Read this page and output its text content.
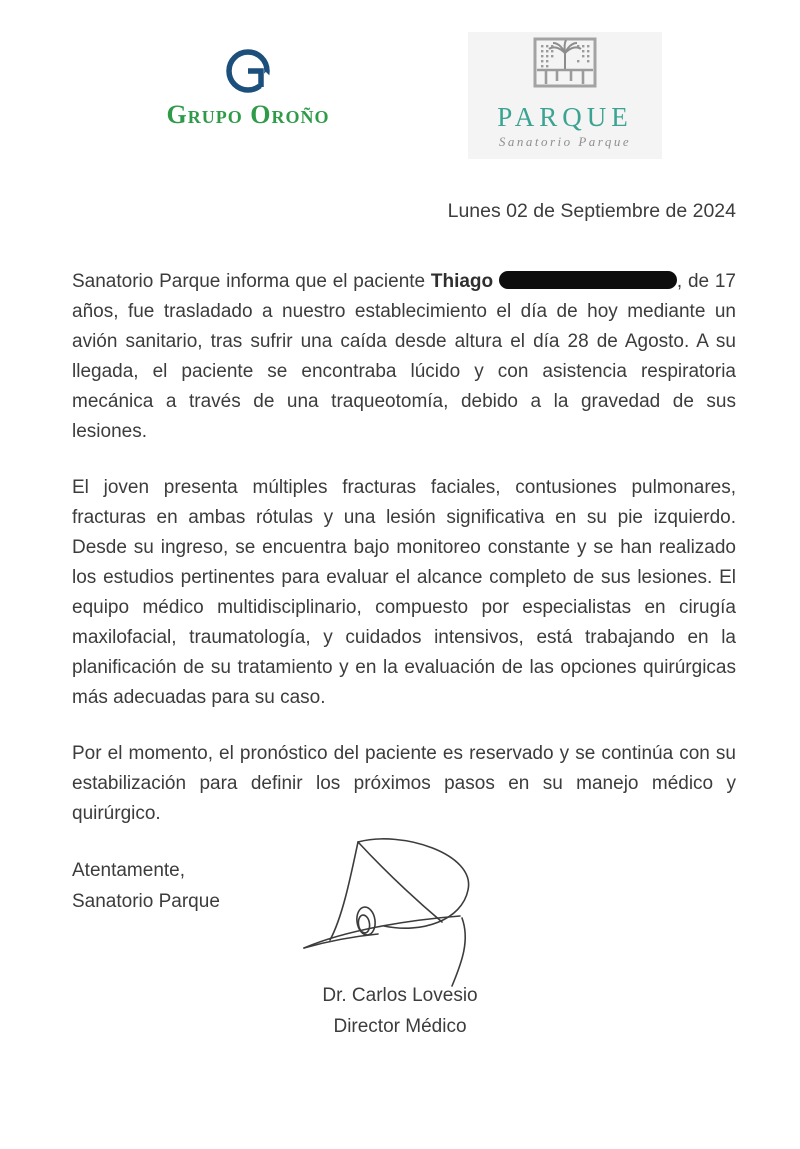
Grupo Oroño	PARQUE
Sanatorio Parque
Lunes 02 de Septiembre de 2024

Sanatorio Parque informa que el paciente Thiago	, de 17 años, fue trasladado a nuestro establecimiento el día de hoy mediante un avión sanitario, tras sufrir una caída desde altura el día 28 de Agosto. A su llegada, el paciente se encontraba lúcido y con asistencia respiratoria mecánica a través de una traqueotomía, debido a la gravedad de sus lesiones.

El joven presenta múltiples fracturas faciales, contusiones pulmonares, fracturas en ambas rótulas y una lesión significativa en su pie izquierdo. Desde su ingreso, se encuentra bajo monitoreo constante y se han realizado los estudios pertinentes para evaluar el alcance completo de sus lesiones. El equipo médico multidisciplinario, compuesto por especialistas en cirugía maxilofacial, traumatología, y cuidados intensivos, está trabajando en la planificación de su tratamiento y en la evaluación de las opciones quirúrgicas más adecuadas para su caso.

Por el momento, el pronóstico del paciente es reservado y se continúa con su estabilización para definir los próximos pasos en su manejo médico y quirúrgico.

Atentamente,

Sanatorio Parque

Dr. Carlos Lovesio
Director Médico
